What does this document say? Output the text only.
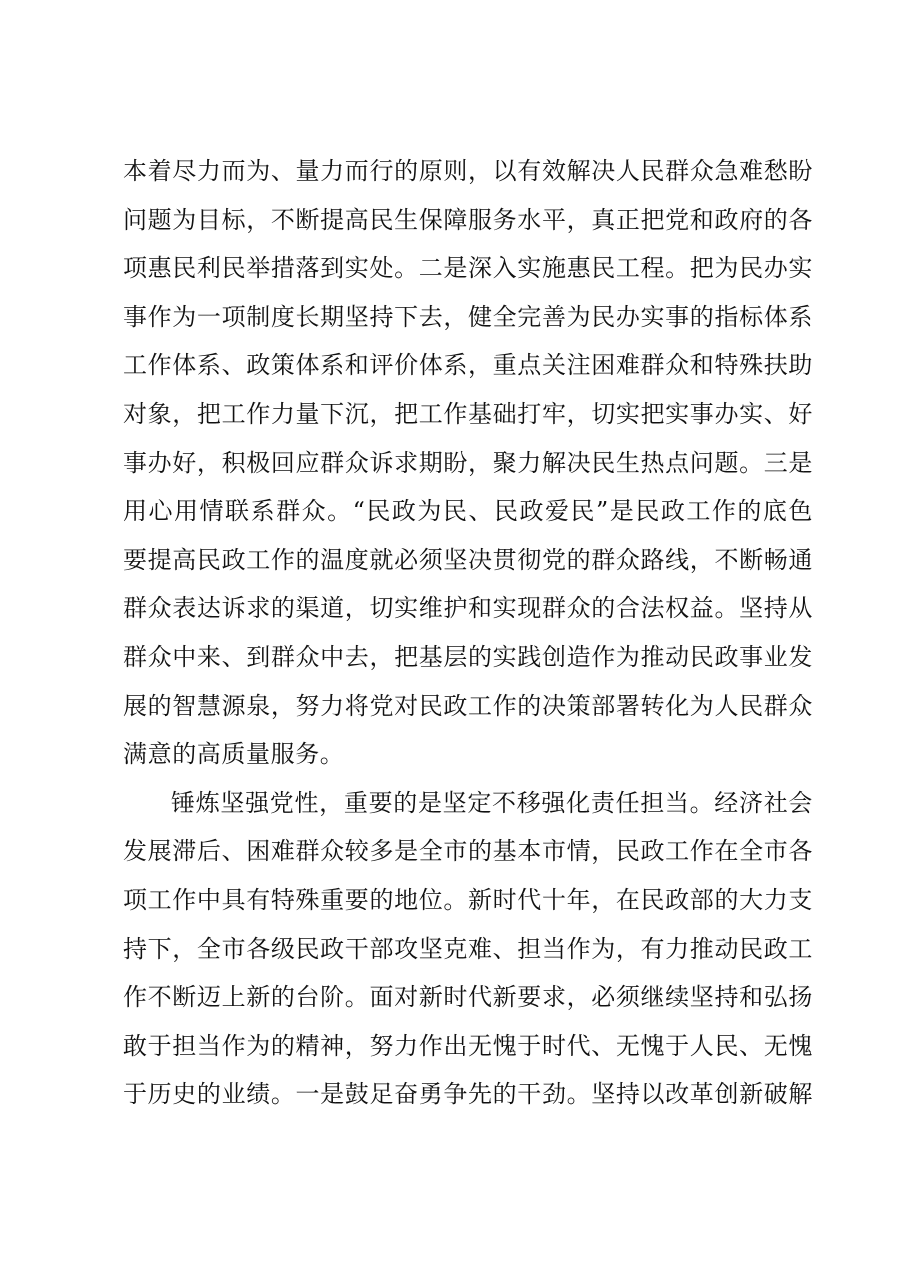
本着尽力而为、量力而行的原则，以有效解决人民群众急难愁盼
问题为目标，不断提高民生保障服务水平，真正把党和政府的各
项惠民利民举措落到实处。二是深入实施惠民工程。把为民办实
事作为一项制度长期坚持下去，健全完善为民办实事的指标体系
工作体系、政策体系和评价体系，重点关注困难群众和特殊扶助
对象，把工作力量下沉，把工作基础打牢，切实把实事办实、好
事办好，积极回应群众诉求期盼，聚力解决民生热点问题。三是
用心用情联系群众。“民政为民、民政爱民”是民政工作的底色
要提高民政工作的温度就必须坚决贯彻党的群众路线，不断畅通
群众表达诉求的渠道，切实维护和实现群众的合法权益。坚持从
群众中来、到群众中去，把基层的实践创造作为推动民政事业发
展的智慧源泉，努力将党对民政工作的决策部署转化为人民群众
满意的高质量服务。
锤炼坚强党性，重要的是坚定不移强化责任担当。经济社会
发展滞后、困难群众较多是全市的基本市情，民政工作在全市各
项工作中具有特殊重要的地位。新时代十年，在民政部的大力支
持下，全市各级民政干部攻坚克难、担当作为，有力推动民政工
作不断迈上新的台阶。面对新时代新要求，必须继续坚持和弘扬
敢于担当作为的精神，努力作出无愧于时代、无愧于人民、无愧
于历史的业绩。一是鼓足奋勇争先的干劲。坚持以改革创新破解
